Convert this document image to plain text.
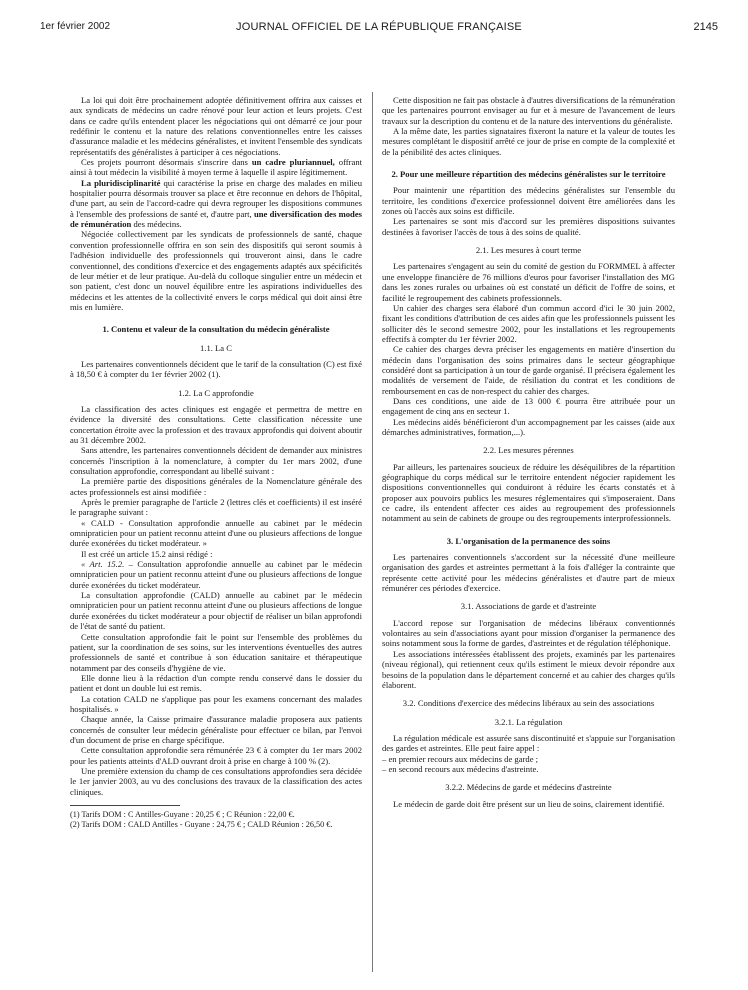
1er février 2002	JOURNAL OFFICIEL DE LA RÉPUBLIQUE FRANÇAISE	2145

La loi qui doit être prochainement adoptée définitivement offrira aux caisses et aux syndicats de médecins un cadre rénové pour leur action et leurs projets. C'est dans ce cadre qu'ils entendent placer les négociations qui ont démarré ce jour pour redéfinir le contenu et la nature des relations conventionnelles entre les caisses d'assurance maladie et les médecins généralistes, et invitent l'ensemble des syndicats représentatifs des généralistes à participer à ces négociations.

Ces projets pourront désormais s'inscrire dans un cadre pluriannuel, offrant ainsi à tout médecin la visibilité à moyen terme à laquelle il aspire légitimement.

La pluridisciplinarité qui caractérise la prise en charge des malades en milieu hospitalier pourra désormais trouver sa place et être reconnue en dehors de l'hôpital, d'une part, au sein de l'accord-cadre qui devra regrouper les dispositions communes à l'ensemble des professions de santé et, d'autre part, une diversification des modes de rémunération des médecins.

Négociée collectivement par les syndicats de professionnels de santé, chaque convention professionnelle offrira en son sein des dispositifs qui seront soumis à l'adhésion individuelle des professionnels qui trouveront ainsi, dans le cadre conventionnel, des conditions d'exercice et des engagements adaptés aux spécificités de leur métier et de leur pratique. Au-delà du colloque singulier entre un médecin et son patient, c'est donc un nouvel équilibre entre les aspirations individuelles des médecins et les attentes de la collectivité envers le corps médical qui doit ainsi être mis en lumière.

1. Contenu et valeur de la consultation du médecin généraliste
1.1. La C

Les partenaires conventionnels décident que le tarif de la consultation (C) est fixé à 18,50 € à compter du 1er février 2002 (1).

1.2. La C approfondie

La classification des actes cliniques est engagée et permettra de mettre en évidence la diversité des consultations. Cette classification nécessite une concertation étroite avec la profession et des travaux approfondis qui doivent aboutir au 31 décembre 2002.

Sans attendre, les partenaires conventionnels décident de demander aux ministres concernés l'inscription à la nomenclature, à compter du 1er mars 2002, d'une consultation approfondie, correspondant au libellé suivant :

La première partie des dispositions générales de la Nomenclature générale des actes professionnels est ainsi modifiée :

Après le premier paragraphe de l'article 2 (lettres clés et coefficients) il est inséré le paragraphe suivant :

« CALD - Consultation approfondie annuelle au cabinet par le médecin omnipraticien pour un patient reconnu atteint d'une ou plusieurs affections de longue durée exonérées du ticket modérateur. »

Il est créé un article 15.2 ainsi rédigé :

« Art. 15.2. – Consultation approfondie annuelle au cabinet par le médecin omnipraticien pour un patient reconnu atteint d'une ou plusieurs affections de longue durée exonérées du ticket modérateur.

La consultation approfondie (CALD) annuelle au cabinet par le médecin omnipraticien pour un patient reconnu atteint d'une ou plusieurs affections de longue durée exonérées du ticket modérateur a pour objectif de réaliser un bilan approfondi de l'état de santé du patient.

Cette consultation approfondie fait le point sur l'ensemble des problèmes du patient, sur la coordination de ses soins, sur les interventions éventuelles des autres professionnels de santé et contribue à son éducation sanitaire et thérapeutique notamment par des conseils d'hygiène de vie.

Elle donne lieu à la rédaction d'un compte rendu conservé dans le dossier du patient et dont un double lui est remis.

La cotation CALD ne s'applique pas pour les examens concernant des malades hospitalisés. »

Chaque année, la Caisse primaire d'assurance maladie proposera aux patients concernés de consulter leur médecin généraliste pour effectuer ce bilan, par l'envoi d'un document de prise en charge spécifique.

Cette consultation approfondie sera rémunérée 23 € à compter du 1er mars 2002 pour les patients atteints d'ALD ouvrant droit à prise en charge à 100 % (2).

Une première extension du champ de ces consultations approfondies sera décidée le 1er janvier 2003, au vu des conclusions des travaux de la classification des actes cliniques.

(1) Tarifs DOM : C Antilles-Guyane : 20,25 € ; C Réunion : 22,00 €.

(2) Tarifs DOM : CALD Antilles - Guyane : 24,75 € ; CALD Réunion : 26,50 €.

Cette disposition ne fait pas obstacle à d'autres diversifications de la rémunération que les partenaires pourront envisager au fur et à mesure de l'avancement de leurs travaux sur la description du contenu et de la nature des interventions du généraliste.

A la même date, les parties signataires fixeront la nature et la valeur de toutes les mesures complétant le dispositif arrêté ce jour de prise en compte de la complexité et de la pénibilité des actes cliniques.

2. Pour une meilleure répartition des médecins généralistes sur le territoire

Pour maintenir une répartition des médecins généralistes sur l'ensemble du territoire, les conditions d'exercice professionnel doivent être améliorées dans les zones où l'accès aux soins est difficile.

Les partenaires se sont mis d'accord sur les premières dispositions suivantes destinées à favoriser l'accès de tous à des soins de qualité.

2.1. Les mesures à court terme

Les partenaires s'engagent au sein du comité de gestion du FORMMEL à affecter une enveloppe financière de 76 millions d'euros pour favoriser l'installation des MG dans les zones rurales ou urbaines où est constaté un déficit de l'offre de soins, et facilité le regroupement des cabinets professionnels.

Un cahier des charges sera élaboré d'un commun accord d'ici le 30 juin 2002, fixant les conditions d'attribution de ces aides afin que les professionnels puissent les solliciter dès le second semestre 2002, pour les installations et les regroupements effectifs à compter du 1er février 2002.

Ce cahier des charges devra préciser les engagements en matière d'insertion du médecin dans l'organisation des soins primaires dans le secteur géographique considéré dont sa participation à un tour de garde organisé. Il précisera également les modalités de versement de l'aide, de résiliation du contrat et les conditions de remboursement en cas de non-respect du cahier des charges.

Dans ces conditions, une aide de 13 000 € pourra être attribuée pour un engagement de cinq ans en secteur 1.

Les médecins aidés bénéficieront d'un accompagnement par les caisses (aide aux démarches administratives, formation,...).

2.2. Les mesures pérennes

Par ailleurs, les partenaires soucieux de réduire les déséquilibres de la répartition géographique du corps médical sur le territoire entendent négocier rapidement les dispositions conventionnelles qui conduiront à réduire les écarts constatés et à proposer aux pouvoirs publics les mesures réglementaires qui s'imposeraient. Dans ce cadre, ils entendent affecter ces aides au regroupement des professionnels notamment au sein de cabinets de groupe ou des regroupements interprofessionnels.

3. L'organisation de la permanence des soins

Les partenaires conventionnels s'accordent sur la nécessité d'une meilleure organisation des gardes et astreintes permettant à la fois d'alléger la contrainte que représente cette activité pour les médecins généralistes et d'autre part de mieux rémunérer ces périodes d'exercice.

3.1. Associations de garde et d'astreinte

L'accord repose sur l'organisation de médecins libéraux conventionnés volontaires au sein d'associations ayant pour mission d'organiser la permanence des soins notamment sous la forme de gardes, d'astreintes et de régulation téléphonique.

Les associations intéressées établissent des projets, examinés par les partenaires (niveau régional), qui retiennent ceux qu'ils estiment le mieux devoir répondre aux besoins de la population dans le département concerné et au cahier des charges qu'ils élaborent.

3.2. Conditions d'exercice des médecins libéraux au sein des associations
3.2.1. La régulation

La régulation médicale est assurée sans discontinuité et s'appuie sur l'organisation des gardes et astreintes. Elle peut faire appel :

– en premier recours aux médecins de garde ;

– en second recours aux médecins d'astreinte.

3.2.2. Médecins de garde et médecins d'astreinte

Le médecin de garde doit être présent sur un lieu de soins, clairement identifié.
